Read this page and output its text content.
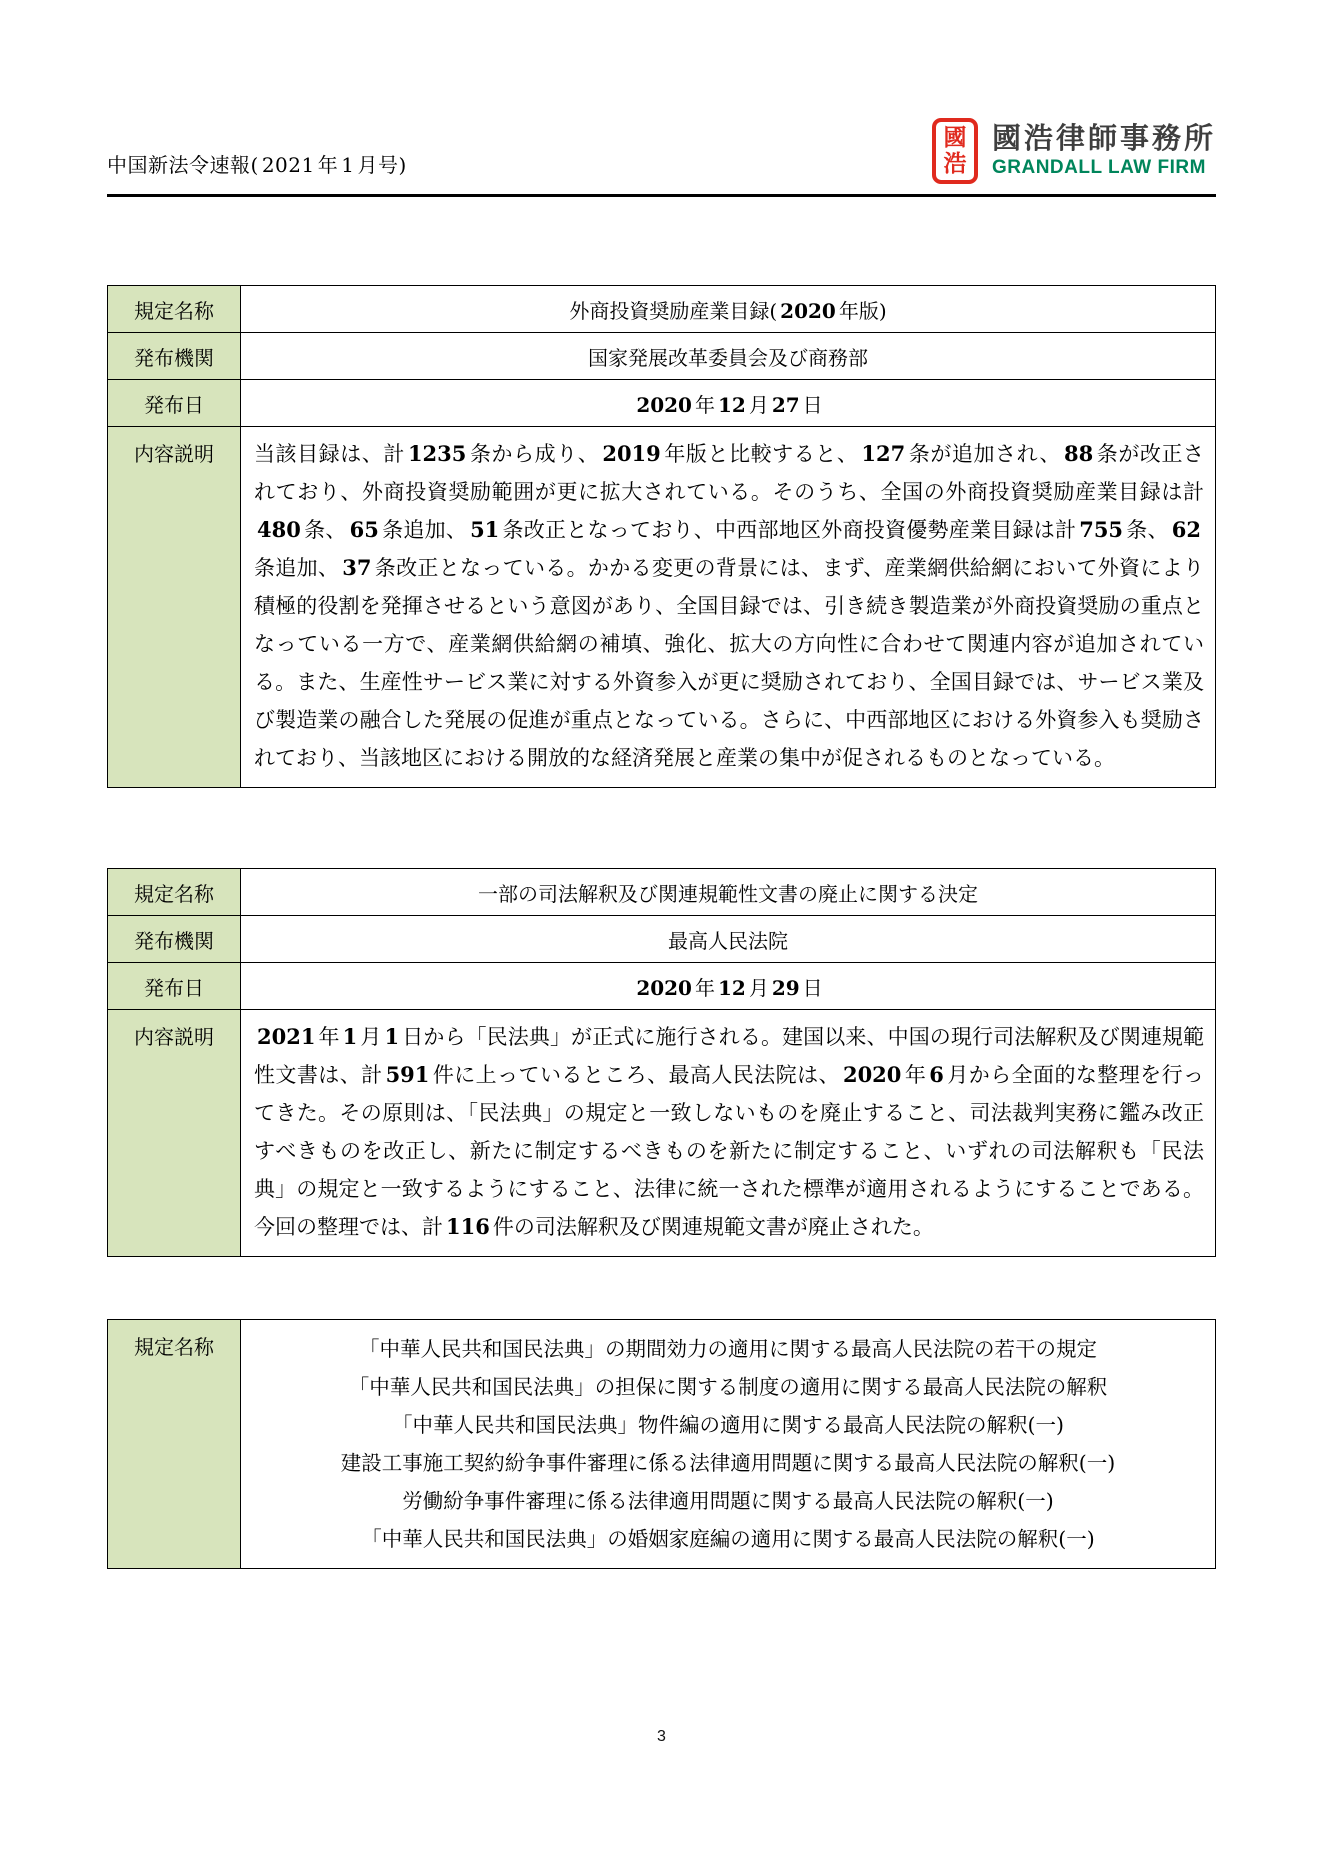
中国新法令速報( 2021 年 1 月号)
國
浩
國浩律師事務所
GRANDALL LAW FIRM
規定名称	外商投資奨励産業目録( 2020 年版)
発布機関	国家発展改革委員会及び商務部
発布日	2020 年 12 月 27 日
内容説明	当該目録は、計 1235 条から成り、 2019 年版と比較すると、 127 条が追加され、 88 条が改正されており、外商投資奨励範囲が更に拡大されている。そのうち、全国の外商投資奨励産業目録は計480 条、 65 条追加、 51 条改正となっており、中西部地区外商投資優勢産業目録は計 755 条、 62条追加、 37 条改正となっている。かかる変更の背景には、まず、産業網供給網において外資により積極的役割を発揮させるという意図があり、全国目録では、引き続き製造業が外商投資奨励の重点となっている一方で、産業網供給網の補填、強化、拡大の方向性に合わせて関連内容が追加されている。また、生産性サービス業に対する外資参入が更に奨励されており、全国目録では、サービス業及び製造業の融合した発展の促進が重点となっている。さらに、中西部地区における外資参入も奨励されており、当該地区における開放的な経済発展と産業の集中が促されるものとなっている。
規定名称	一部の司法解釈及び関連規範性文書の廃止に関する決定
発布機関	最高人民法院
発布日	2020 年 12 月 29 日
内容説明	2021 年 1 月 1 日から「民法典」が正式に施行される。建国以来、中国の現行司法解釈及び関連規範性文書は、計 591 件に上っているところ、最高人民法院は、 2020 年 6 月から全面的な整理を行ってきた。その原則は、「民法典」の規定と一致しないものを廃止すること、司法裁判実務に鑑み改正すべきものを改正し、新たに制定するべきものを新たに制定すること、いずれの司法解釈も「民法典」の規定と一致するようにすること、法律に統一された標準が適用されるようにすることである。今回の整理では、計 116 件の司法解釈及び関連規範文書が廃止された。
規定名称	「中華人民共和国民法典」の期間効力の適用に関する最高人民法院の若干の規定
「中華人民共和国民法典」の担保に関する制度の適用に関する最高人民法院の解釈
「中華人民共和国民法典」物件編の適用に関する最高人民法院の解釈(一)
建設工事施工契約紛争事件審理に係る法律適用問題に関する最高人民法院の解釈(一)
労働紛争事件審理に係る法律適用問題に関する最高人民法院の解釈(一)
「中華人民共和国民法典」の婚姻家庭編の適用に関する最高人民法院の解釈(一)
3
